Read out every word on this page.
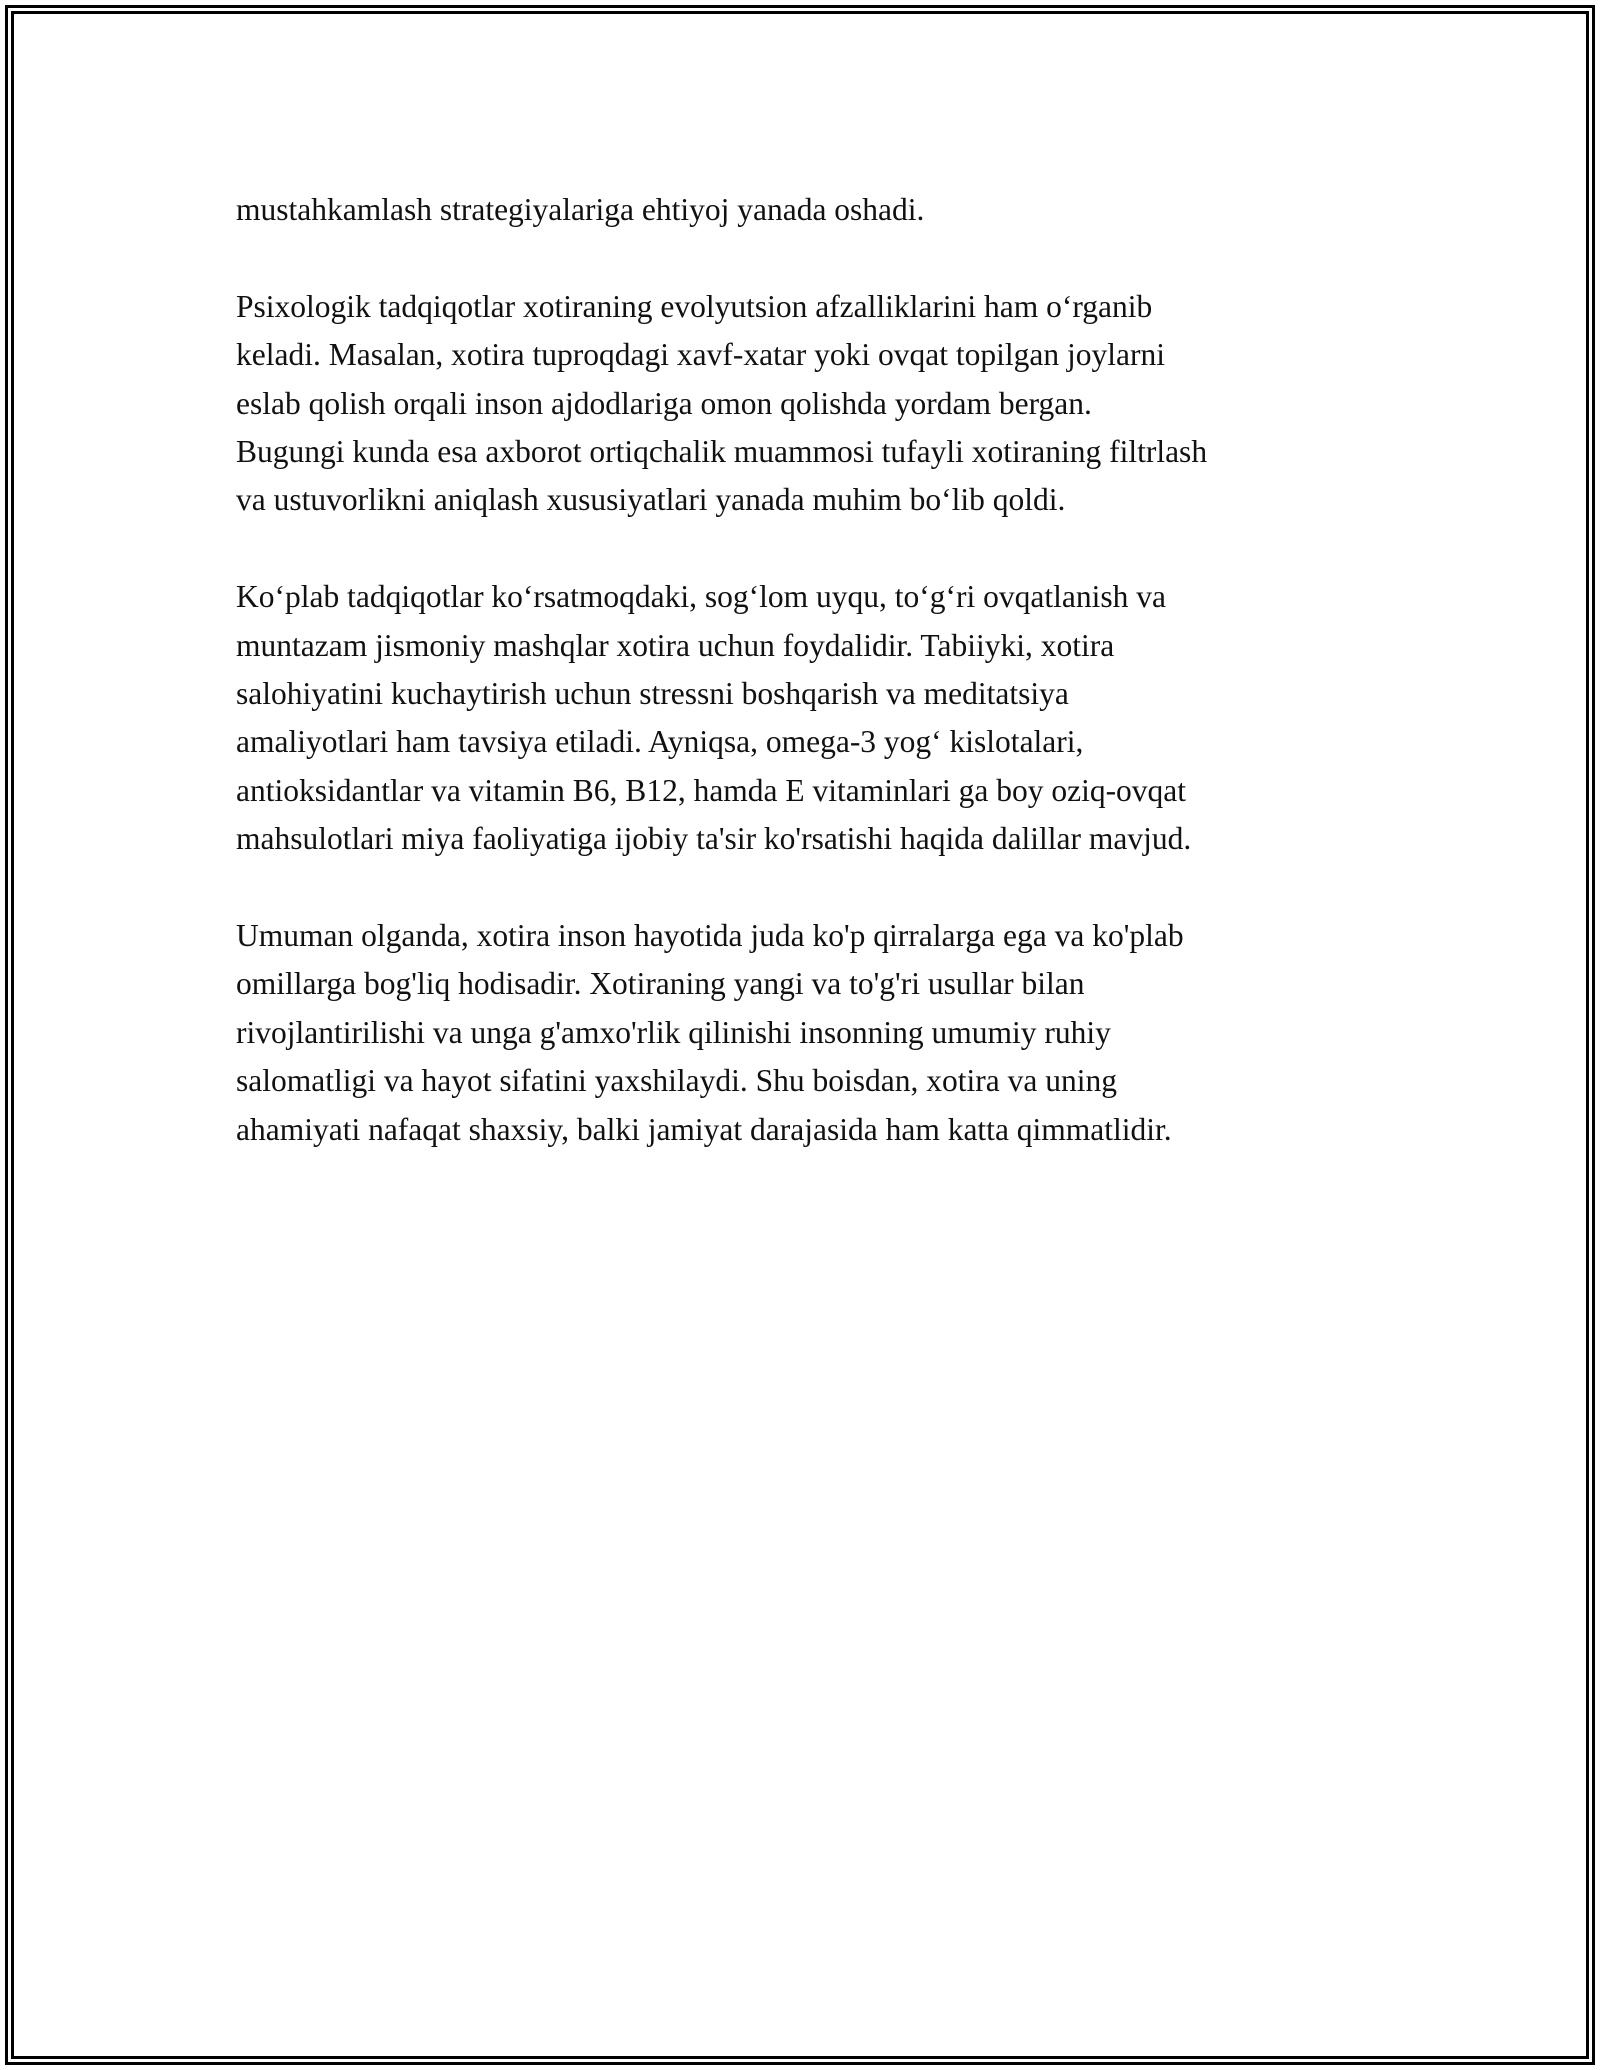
mustahkamlash strategiyalariga ehtiyoj yanada oshadi.

Psixologik tadqiqotlar xotiraning evolyutsion afzalliklarini ham o‘rganib
keladi. Masalan, xotira tuproqdagi xavf-xatar yoki ovqat topilgan joylarni
eslab qolish orqali inson ajdodlariga omon qolishda yordam bergan.
Bugungi kunda esa axborot ortiqchalik muammosi tufayli xotiraning filtrlash
va ustuvorlikni aniqlash xususiyatlari yanada muhim bo‘lib qoldi.

Ko‘plab tadqiqotlar ko‘rsatmoqdaki, sog‘lom uyqu, to‘g‘ri ovqatlanish va
muntazam jismoniy mashqlar xotira uchun foydalidir. Tabiiyki, xotira
salohiyatini kuchaytirish uchun stressni boshqarish va meditatsiya
amaliyotlari ham tavsiya etiladi. Ayniqsa, omega-3 yog‘ kislotalari,
antioksidantlar va vitamin B6, B12, hamda E vitaminlari ga boy oziq-ovqat
mahsulotlari miya faoliyatiga ijobiy ta'sir ko'rsatishi haqida dalillar mavjud.

Umuman olganda, xotira inson hayotida juda ko'p qirralarga ega va ko'plab
omillarga bog'liq hodisadir. Xotiraning yangi va to'g'ri usullar bilan
rivojlantirilishi va unga g'amxo'rlik qilinishi insonning umumiy ruhiy
salomatligi va hayot sifatini yaxshilaydi. Shu boisdan, xotira va uning
ahamiyati nafaqat shaxsiy, balki jamiyat darajasida ham katta qimmatlidir.
